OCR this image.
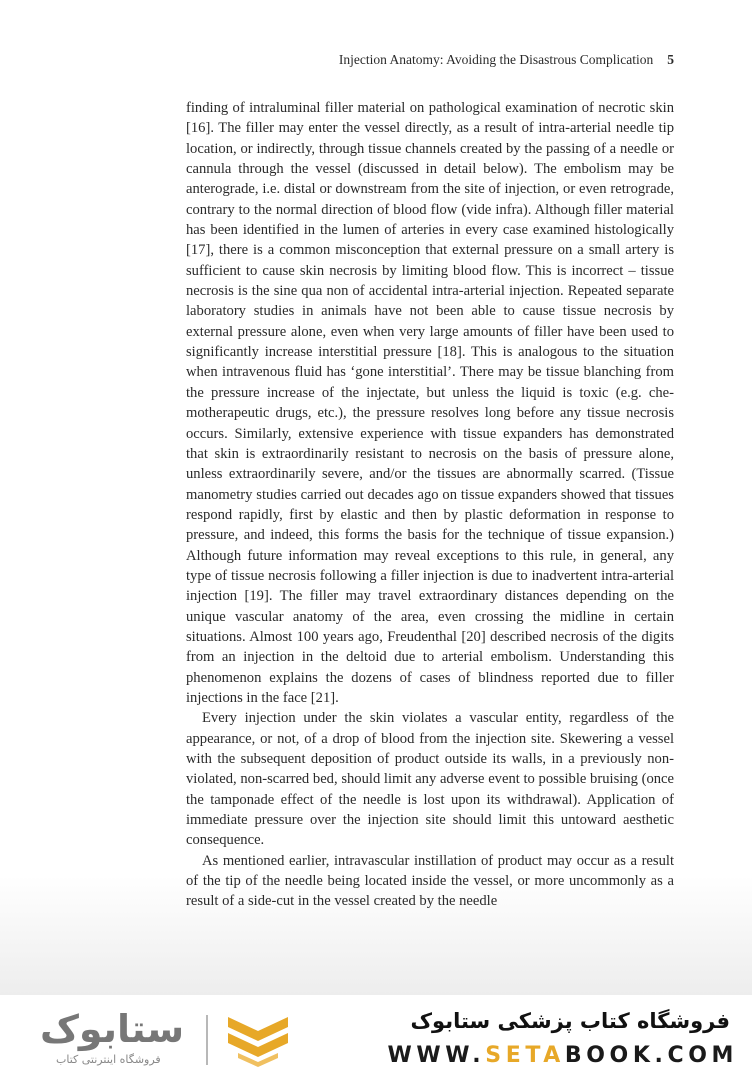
Injection Anatomy: Avoiding the Disastrous Complication 5

finding of intraluminal filler material on pathological examination of necrotic skin [16]. The filler may enter the vessel directly, as a result of intra-arterial needle tip location, or indirectly, through tissue channels created by the passing of a needle or cannula through the vessel (discussed in detail below). The embolism may be anterograde, i.e. distal or downstream from the site of injection, or even retrograde, contrary to the normal direction of blood flow (vide infra). Although filler material has been identified in the lumen of arteries in every case examined histologically [17], there is a common misconception that external pressure on a small artery is sufficient to cause skin necrosis by limiting blood flow. This is incorrect – tissue necrosis is the sine qua non of accidental intra-arterial injection. Repeated separate laboratory studies in animals have not been able to cause tissue necrosis by external pressure alone, even when very large amounts of filler have been used to significantly increase interstitial pressure [18]. This is analogous to the situation when intravenous fluid has ‘gone interstitial’. There may be tissue blanching from the pressure increase of the injectate, but unless the liquid is toxic (e.g. chemotherapeutic drugs, etc.), the pressure resolves long before any tissue necrosis occurs. Similarly, extensive experience with tissue expanders has demonstrated that skin is extraordinarily resistant to necrosis on the basis of pressure alone, unless extraordinarily severe, and/or the tissues are abnormally scarred. (Tissue manometry studies carried out decades ago on tissue expanders showed that tissues respond rapidly, first by elastic and then by plastic deformation in response to pressure, and indeed, this forms the basis for the technique of tissue expansion.) Although future information may reveal exceptions to this rule, in general, any type of tissue necrosis following a filler injection is due to inadvertent intra-arterial injection [19]. The filler may travel extraordinary distances depending on the unique vascular anatomy of the area, even crossing the midline in certain situations. Almost 100 years ago, Freudenthal [20] described necrosis of the digits from an injection in the deltoid due to arterial embolism. Understanding this phenomenon explains the dozens of cases of blindness reported due to filler injections in the face [21].

Every injection under the skin violates a vascular entity, regardless of the appearance, or not, of a drop of blood from the injection site. Skewering a vessel with the subsequent deposition of product outside its walls, in a previously non-violated, non-scarred bed, should limit any adverse event to possible bruising (once the tamponade effect of the needle is lost upon its withdrawal). Application of immediate pressure over the injection site should limit this untoward aesthetic consequence.

As mentioned earlier, intravascular instillation of product may occur as a result of the tip of the needle being located inside the vessel, or more uncommonly as a result of a side-cut in the vessel created by the needle

ستابوک
فروشگاه اینترنتی کتاب
فروشگاه کتاب پزشکی ستابوک
WWW.SETABOOK.COM
